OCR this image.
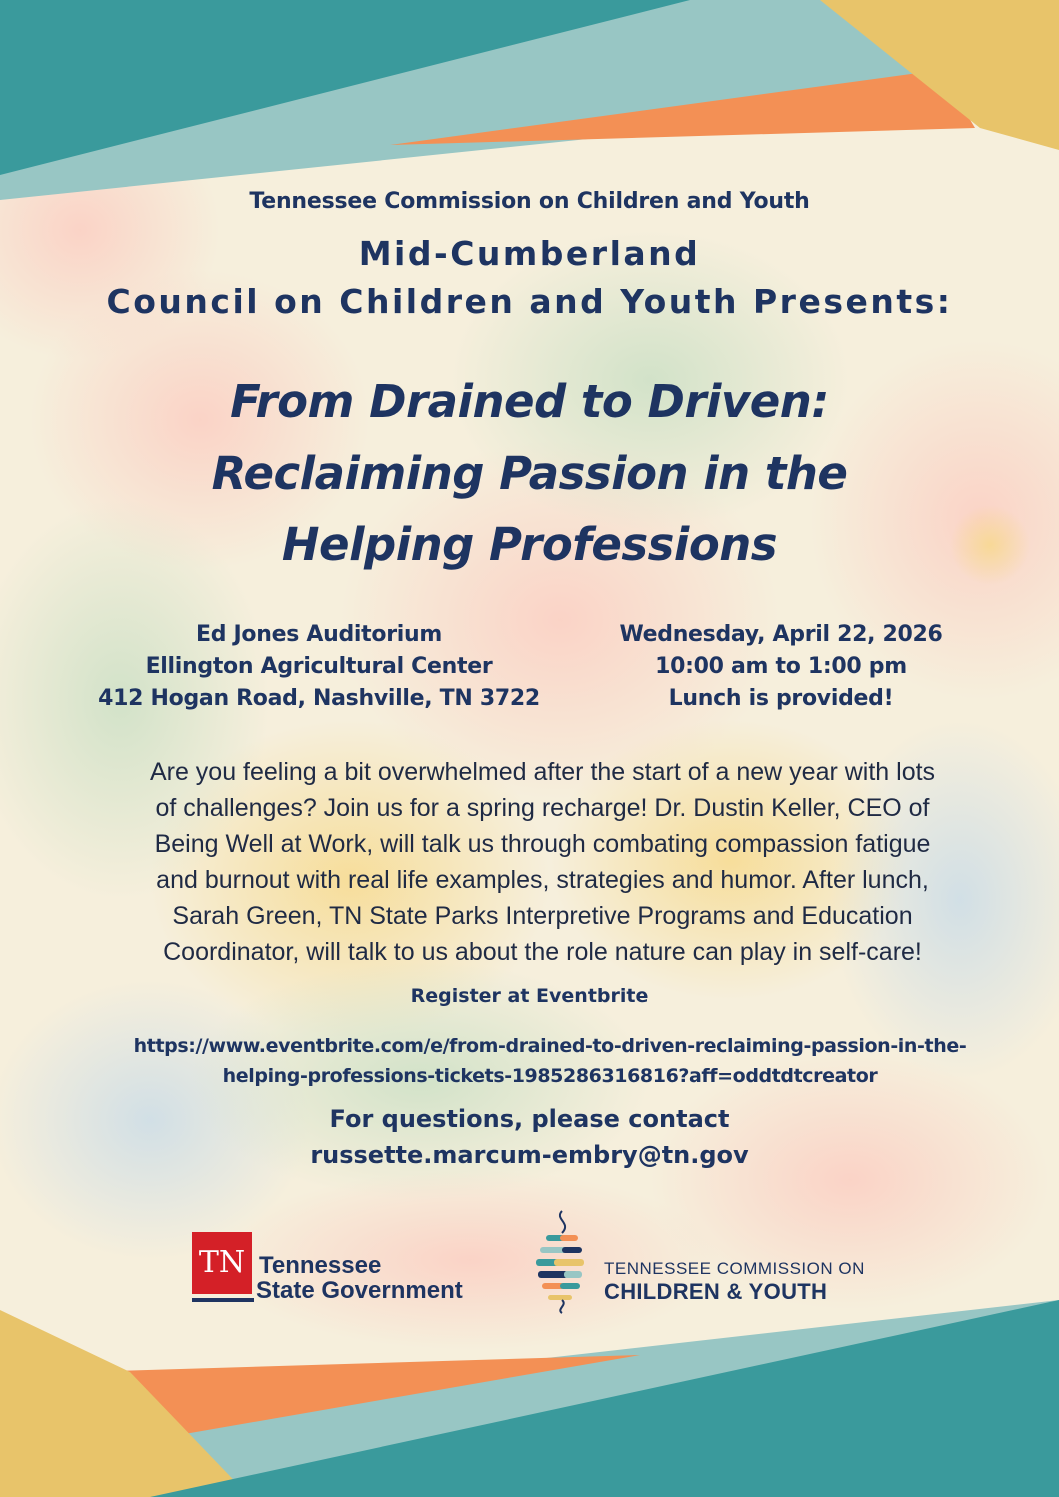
Tennessee Commission on Children and Youth
Mid-Cumberland
Council on Children and Youth Presents:
From Drained to Driven:
Reclaiming Passion in the
Helping Professions
Ed Jones Auditorium
Ellington Agricultural Center
412 Hogan Road, Nashville, TN 3722
Wednesday, April 22, 2026
10:00 am to 1:00 pm
Lunch is provided!
Are you feeling a bit overwhelmed after the start of a new year with lots
of challenges? Join us for a spring recharge! Dr. Dustin Keller, CEO of
Being Well at Work, will talk us through combating compassion fatigue
and burnout with real life examples, strategies and humor. After lunch,
Sarah Green, TN State Parks Interpretive Programs and Education
Coordinator, will talk to us about the role nature can play in self-care!
Register at Eventbrite
https://www.eventbrite.com/e/from-drained-to-driven-reclaiming-passion-in-the-
helping-professions-tickets-1985286316816?aff=oddtdtcreator
For questions, please contact
russette.marcum-embry@tn.gov
TN Tennessee
State Government
TENNESSEE COMMISSION ON
CHILDREN & YOUTH
